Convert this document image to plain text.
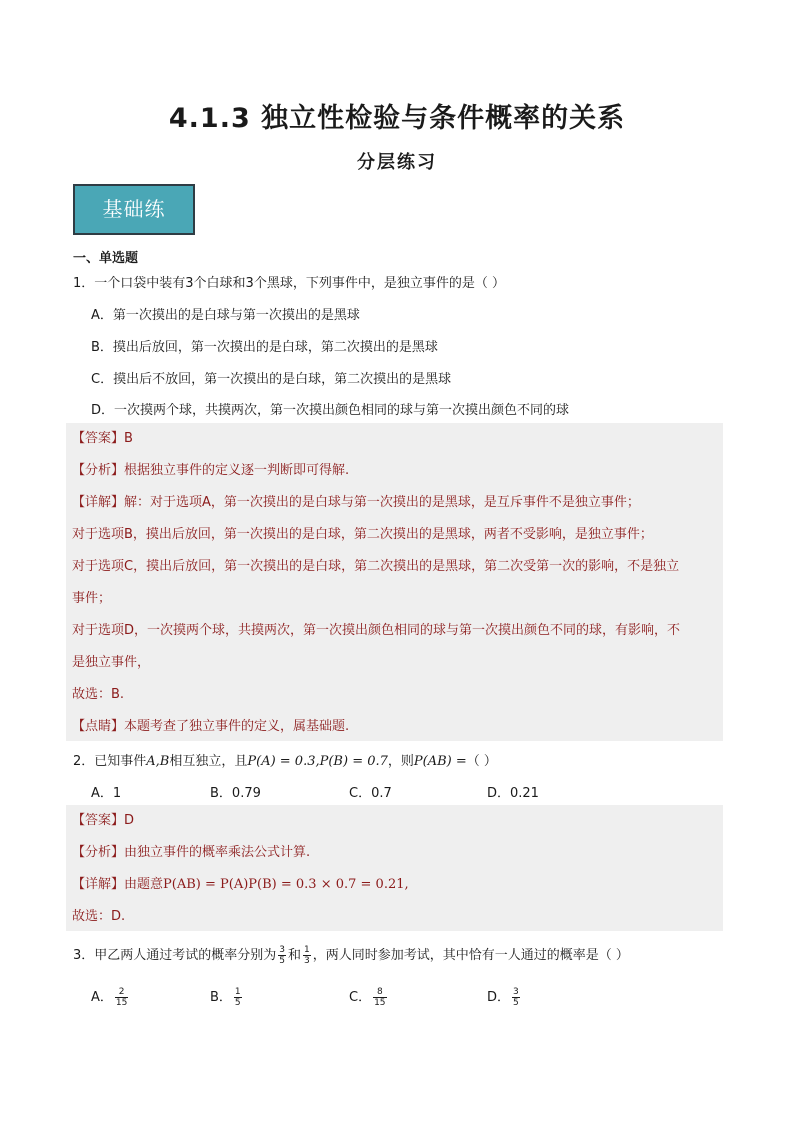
4.1.3 独立性检验与条件概率的关系
分层练习
基础练
一、单选题
1．一个口袋中装有3个白球和3个黑球，下列事件中，是独立事件的是（ ）
A．第一次摸出的是白球与第一次摸出的是黑球
B．摸出后放回，第一次摸出的是白球，第二次摸出的是黑球
C．摸出后不放回，第一次摸出的是白球，第二次摸出的是黑球
D．一次摸两个球，共摸两次，第一次摸出颜色相同的球与第一次摸出颜色不同的球
【答案】B
【分析】根据独立事件的定义逐一判断即可得解.
【详解】解：对于选项A，第一次摸出的是白球与第一次摸出的是黑球，是互斥事件不是独立事件；
对于选项B，摸出后放回，第一次摸出的是白球，第二次摸出的是黑球，两者不受影响，是独立事件；
对于选项C，摸出后放回，第一次摸出的是白球，第二次摸出的是黑球，第二次受第一次的影响，不是独立
事件；
对于选项D，一次摸两个球，共摸两次，第一次摸出颜色相同的球与第一次摸出颜色不同的球，有影响，不
是独立事件，
故选：B.
【点睛】本题考查了独立事件的定义，属基础题.
2．已知事件A,B相互独立，且P(A) = 0.3,P(B) = 0.7，则P(AB) =（ ）
A．1	B．0.79	C．0.7	D．0.21
【答案】D
【分析】由独立事件的概率乘法公式计算.
【详解】由题意P(AB) = P(A)P(B) = 0.3 × 0.7 = 0.21,
故选：D.
3．甲乙两人通过考试的概率分别为 $\frac{3}{5}$ 和 $\frac{1}{3}$ ，两人同时参加考试，其中恰有一人通过的概率是（ ）
A． $\frac{2}{15}$	B． $\frac{1}{5}$	C． $\frac{8}{15}$	D． $\frac{3}{5}$
